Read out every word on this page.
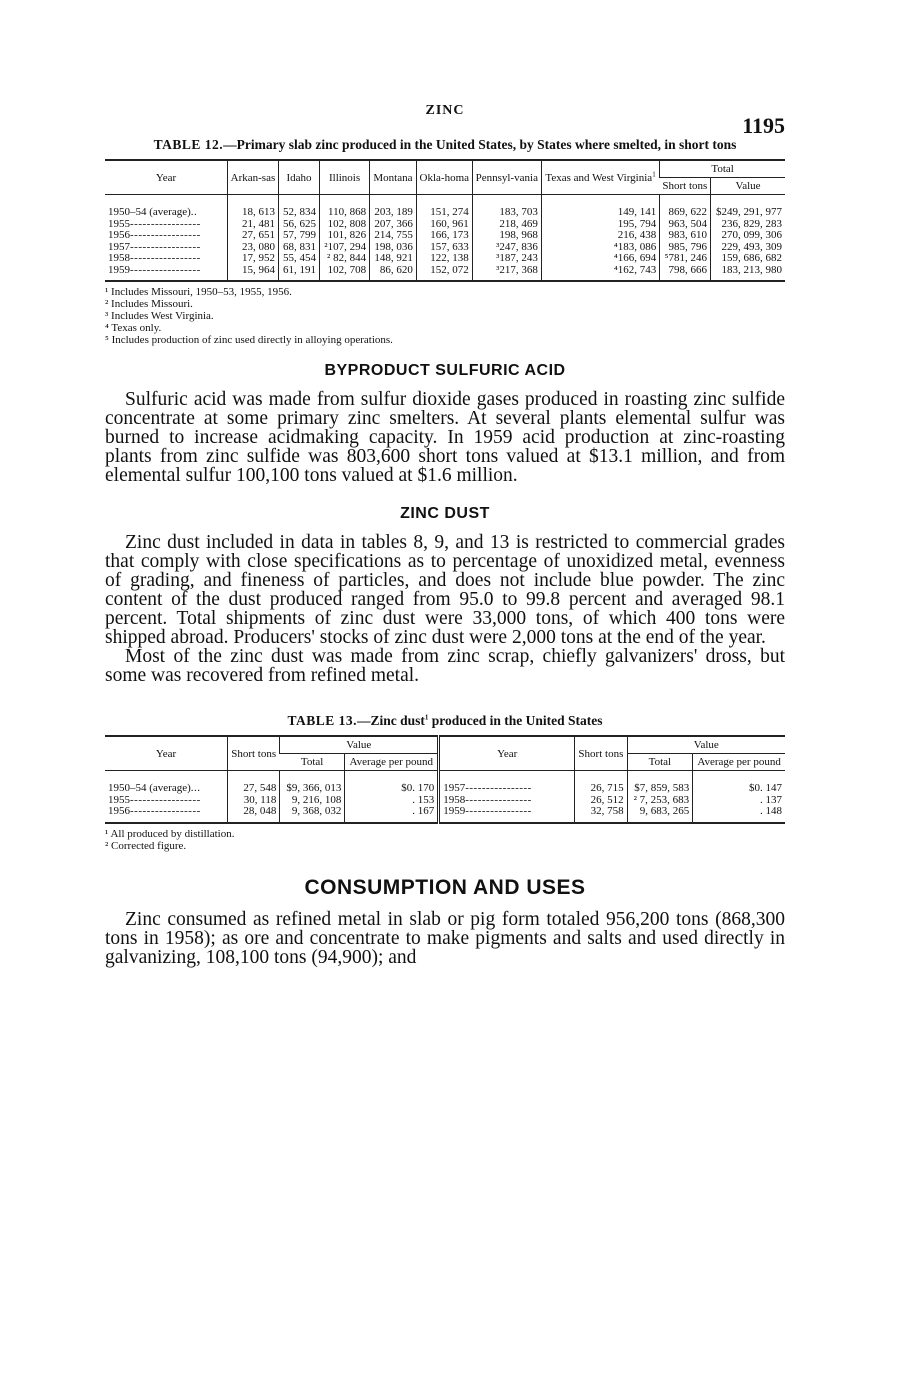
ZINC
1195
TABLE 12.—Primary slab zinc produced in the United States, by States where smelted, in short tons
Year	Arkan-sas	Idaho	Illinois	Montana	Okla-homa	Pennsyl-vania	Texas and West Virginia$^1$	Total	
								Short tons	Value
1950–54 (average)..	18, 613	52, 834	110, 868	203, 189	151, 274	183, 703	149, 141	869, 622	$249, 291, 977
1955-----------------	21, 481	56, 625	102, 808	207, 366	160, 961	218, 469	195, 794	963, 504	236, 829, 283
1956-----------------	27, 651	57, 799	101, 826	214, 755	166, 173	198, 968	216, 438	983, 610	270, 099, 306
1957-----------------	23, 080	68, 831	²107, 294	198, 036	157, 633	³247, 836	⁴183, 086	985, 796	229, 493, 309
1958-----------------	17, 952	55, 454	² 82, 844	148, 921	122, 138	³187, 243	⁴166, 694	⁵781, 246	159, 686, 682
1959-----------------	15, 964	61, 191	102, 708	86, 620	152, 072	³217, 368	⁴162, 743	798, 666	183, 213, 980
¹ Includes Missouri, 1950–53, 1955, 1956.
² Includes Missouri.
³ Includes West Virginia.
⁴ Texas only.
⁵ Includes production of zinc used directly in alloying operations.
BYPRODUCT SULFURIC ACID

Sulfuric acid was made from sulfur dioxide gases produced in roasting zinc sulfide concentrate at some primary zinc smelters. At several plants elemental sulfur was burned to increase acidmaking capacity. In 1959 acid production at zinc-roasting plants from zinc sulfide was 803,600 short tons valued at $13.1 million, and from elemental sulfur 100,100 tons valued at $1.6 million.

ZINC DUST

Zinc dust included in data in tables 8, 9, and 13 is restricted to commercial grades that comply with close specifications as to percentage of unoxidized metal, evenness of grading, and fineness of particles, and does not include blue powder. The zinc content of the dust produced ranged from 95.0 to 99.8 percent and averaged 98.1 percent. Total shipments of zinc dust were 33,000 tons, of which 400 tons were shipped abroad. Producers' stocks of zinc dust were 2,000 tons at the end of the year.

Most of the zinc dust was made from zinc scrap, chiefly galvanizers' dross, but some was recovered from refined metal.

TABLE 13.—Zinc dust$^1$ produced in the United States
Year	Short tons	Value		Year	Short tons	Value	
		Total	Average per pound			Total	Average per pound
1950–54 (average)...	27, 548	$9, 366, 013	$0. 170	1957----------------	26, 715	$7, 859, 583	$0. 147
1955-----------------	30, 118	9, 216, 108	. 153	1958----------------	26, 512	² 7, 253, 683	. 137
1956-----------------	28, 048	9, 368, 032	. 167	1959----------------	32, 758	9, 683, 265	. 148
¹ All produced by distillation.
² Corrected figure.
CONSUMPTION AND USES

Zinc consumed as refined metal in slab or pig form totaled 956,200 tons (868,300 tons in 1958); as ore and concentrate to make pigments and salts and used directly in galvanizing, 108,100 tons (94,900); and
